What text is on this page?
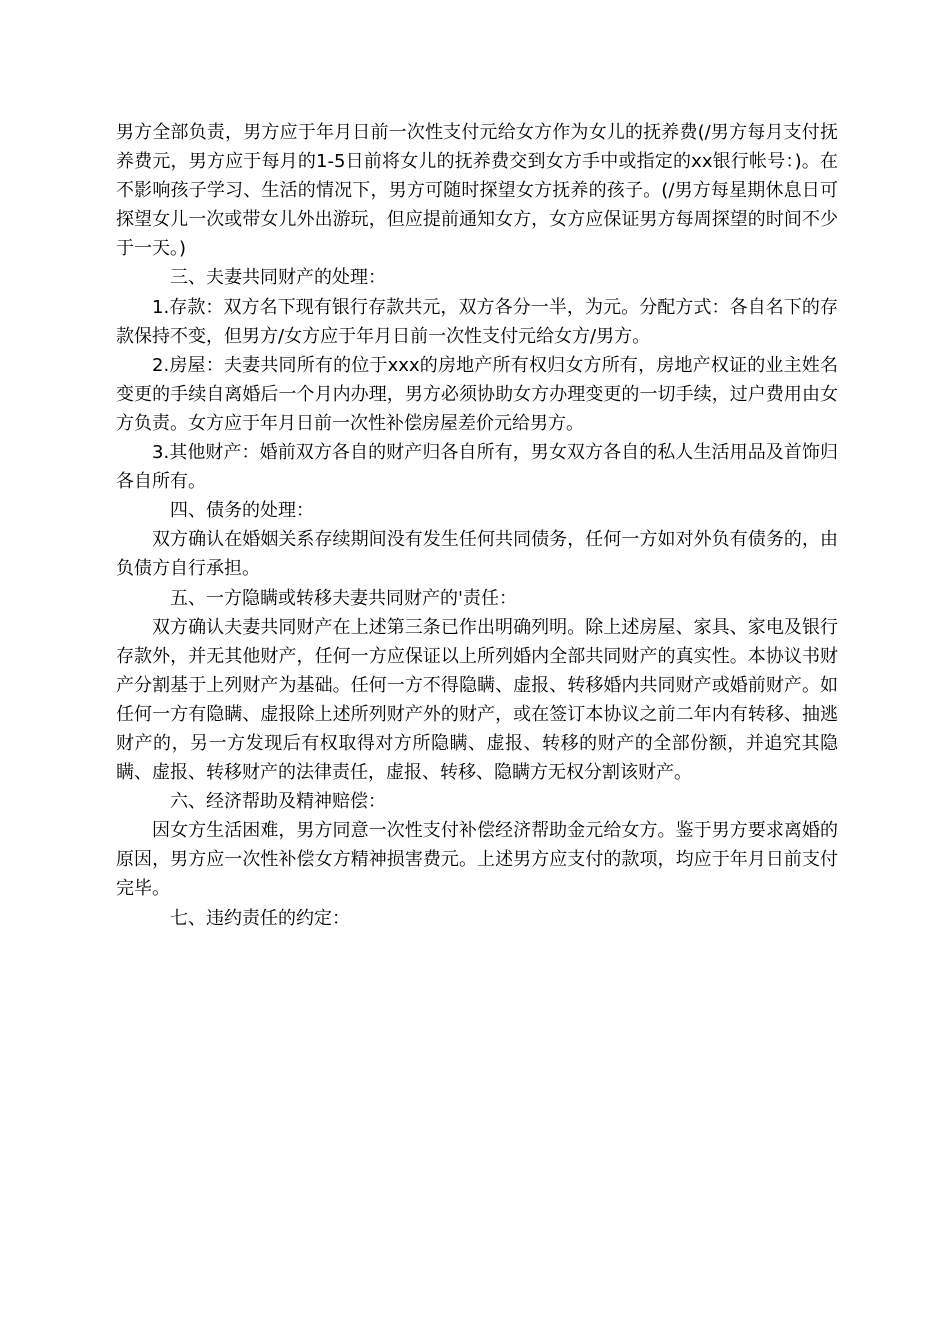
男方全部负责，男方应于年月日前一次性支付元给女方作为女儿的抚养费(/男方每月支付抚养费元，男方应于每月的1-5日前将女儿的抚养费交到女方手中或指定的xx银行帐号：)。在不影响孩子学习、生活的情况下，男方可随时探望女方抚养的孩子。(/男方每星期休息日可探望女儿一次或带女儿外出游玩，但应提前通知女方，女方应保证男方每周探望的时间不少于一天。)

三、夫妻共同财产的处理：

1.存款：双方名下现有银行存款共元，双方各分一半，为元。分配方式：各自名下的存款保持不变，但男方/女方应于年月日前一次性支付元给女方/男方。

2.房屋：夫妻共同所有的位于xxx的房地产所有权归女方所有，房地产权证的业主姓名变更的手续自离婚后一个月内办理，男方必须协助女方办理变更的一切手续，过户费用由女方负责。女方应于年月日前一次性补偿房屋差价元给男方。

3.其他财产：婚前双方各自的财产归各自所有，男女双方各自的私人生活用品及首饰归各自所有。

四、债务的处理：

双方确认在婚姻关系存续期间没有发生任何共同债务，任何一方如对外负有债务的，由负债方自行承担。

五、一方隐瞒或转移夫妻共同财产的'责任：

双方确认夫妻共同财产在上述第三条已作出明确列明。除上述房屋、家具、家电及银行存款外，并无其他财产，任何一方应保证以上所列婚内全部共同财产的真实性。本协议书财产分割基于上列财产为基础。任何一方不得隐瞒、虚报、转移婚内共同财产或婚前财产。如任何一方有隐瞒、虚报除上述所列财产外的财产，或在签订本协议之前二年内有转移、抽逃财产的，另一方发现后有权取得对方所隐瞒、虚报、转移的财产的全部份额，并追究其隐瞒、虚报、转移财产的法律责任，虚报、转移、隐瞒方无权分割该财产。

六、经济帮助及精神赔偿：

因女方生活困难，男方同意一次性支付补偿经济帮助金元给女方。鉴于男方要求离婚的原因，男方应一次性补偿女方精神损害费元。上述男方应支付的款项，均应于年月日前支付完毕。

七、违约责任的约定：
